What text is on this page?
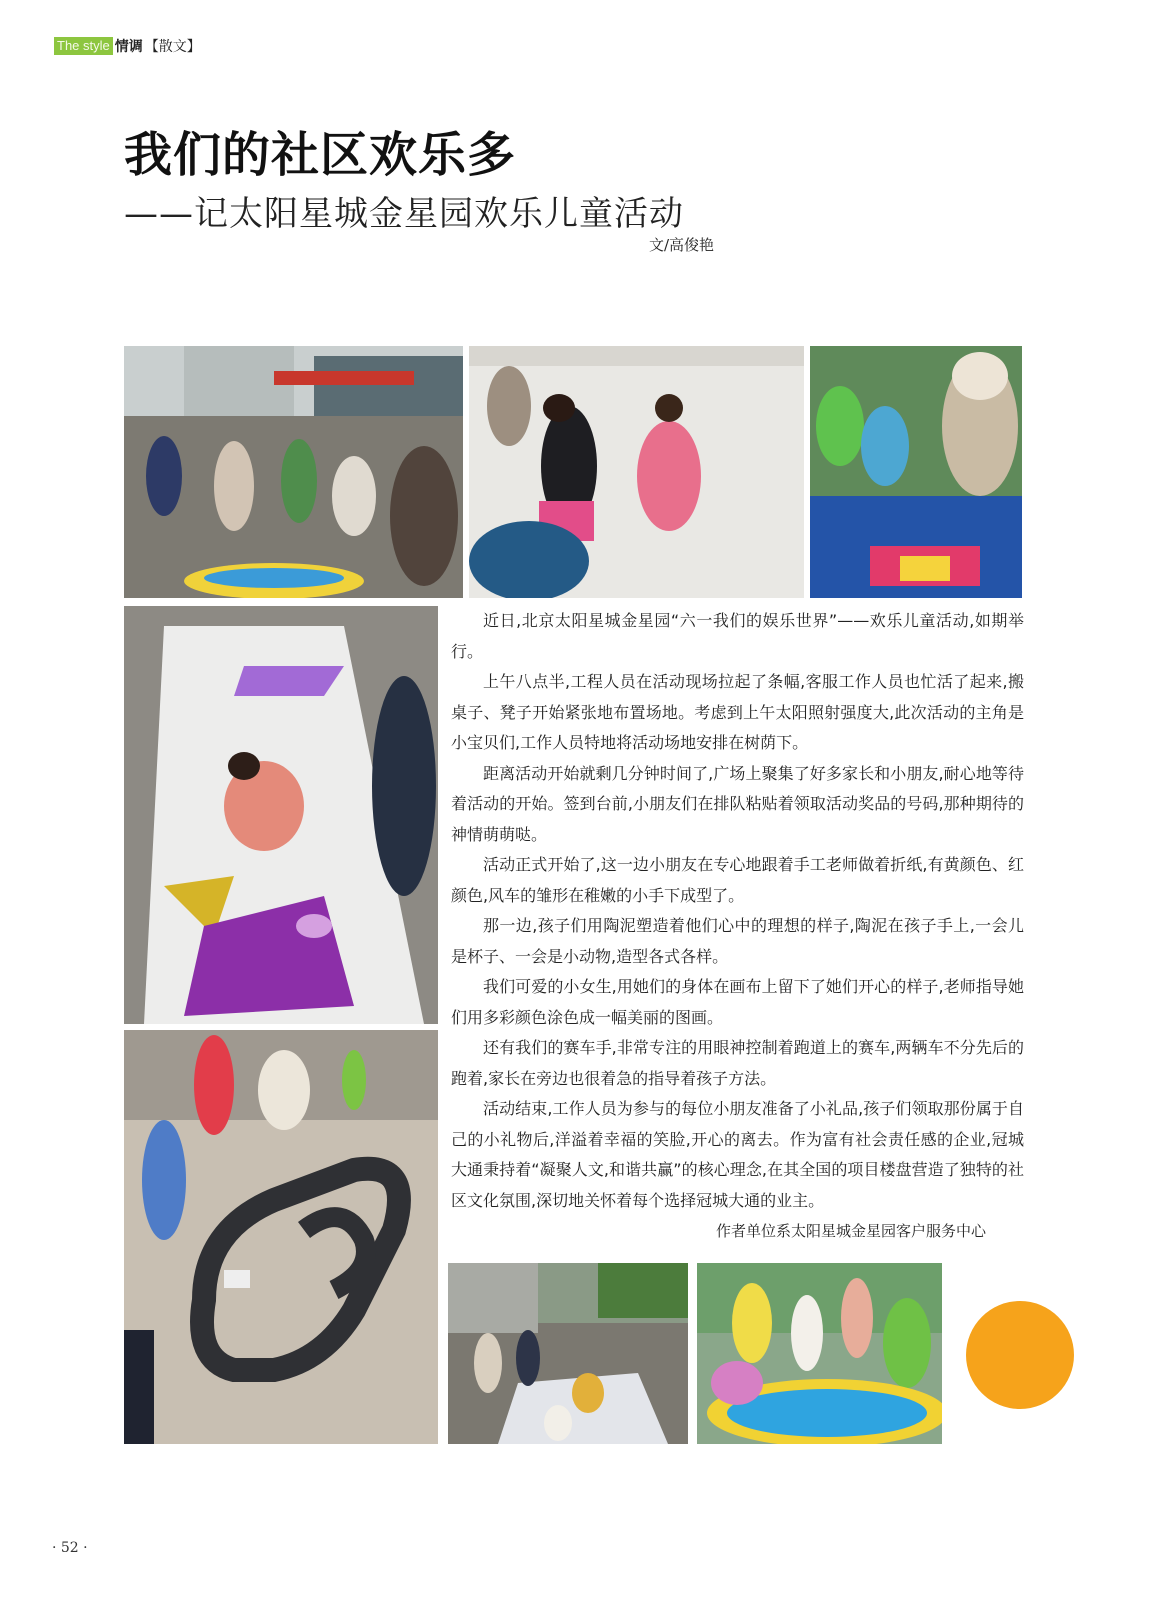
The style 情调 【 散文 】
我们的社区欢乐多
——记太阳星城金星园欢乐儿童活动
文/高俊艳

近日,北京太阳星城金星园“六一我们的娱乐世界”——欢乐儿童活动,如期举行。

上午八点半,工程人员在活动现场拉起了条幅,客服工作人员也忙活了起来,搬桌子、凳子开始紧张地布置场地。考虑到上午太阳照射强度大,此次活动的主角是小宝贝们,工作人员特地将活动场地安排在树荫下。

距离活动开始就剩几分钟时间了,广场上聚集了好多家长和小朋友,耐心地等待着活动的开始。签到台前,小朋友们在排队粘贴着领取活动奖品的号码,那种期待的神情萌萌哒。

活动正式开始了,这一边小朋友在专心地跟着手工老师做着折纸,有黄颜色、红颜色,风车的雏形在稚嫩的小手下成型了。

那一边,孩子们用陶泥塑造着他们心中的理想的样子,陶泥在孩子手上,一会儿是杯子、一会是小动物,造型各式各样。

我们可爱的小女生,用她们的身体在画布上留下了她们开心的样子,老师指导她们用多彩颜色涂色成一幅美丽的图画。

还有我们的赛车手,非常专注的用眼神控制着跑道上的赛车,两辆车不分先后的跑着,家长在旁边也很着急的指导着孩子方法。

活动结束,工作人员为参与的每位小朋友准备了小礼品,孩子们领取那份属于自己的小礼物后,洋溢着幸福的笑脸,开心的离去。作为富有社会责任感的企业,冠城大通秉持着“凝聚人文,和谐共赢”的核心理念,在其全国的项目楼盘营造了独特的社区文化氛围,深切地关怀着每个选择冠城大通的业主。

作者单位系太阳星城金星园客户服务中心
· 52 ·
